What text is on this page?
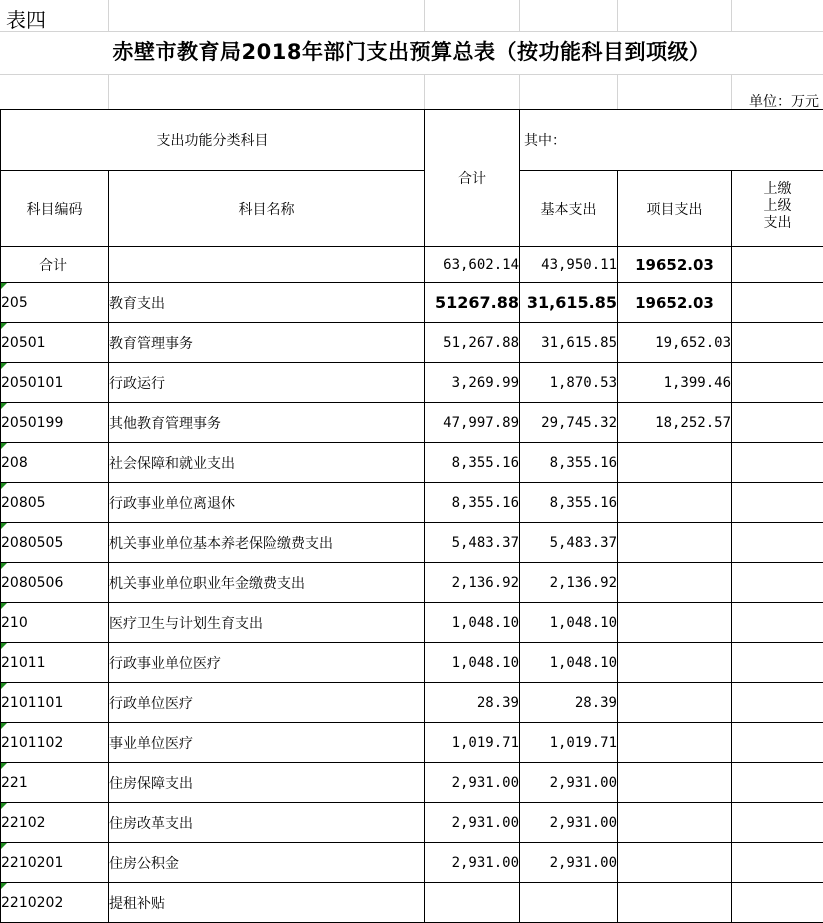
表四
赤壁市教育局2018年部门支出预算总表（按功能科目到项级）
单位：万元
支出功能分类科目		合计	其中：		
科目编码	科目名称		基本支出	项目支出	上缴
上级
支出
合计		63,602.14	43,950.11	19652.03	

205	教育支出	51267.88	31,615.85	19652.03	

20501	教育管理事务	51,267.88	31,615.85	19,652.03	

2050101	行政运行	3,269.99	1,870.53	1,399.46	

2050199	其他教育管理事务	47,997.89	29,745.32	18,252.57	

208	社会保障和就业支出	8,355.16	8,355.16		

20805	行政事业单位离退休	8,355.16	8,355.16		

2080505	机关事业单位基本养老保险缴费支出	5,483.37	5,483.37		

2080506	机关事业单位职业年金缴费支出	2,136.92	2,136.92		

210	医疗卫生与计划生育支出	1,048.10	1,048.10		

21011	行政事业单位医疗	1,048.10	1,048.10		

2101101	行政单位医疗	28.39	28.39		

2101102	事业单位医疗	1,019.71	1,019.71		

221	住房保障支出	2,931.00	2,931.00		

22102	住房改革支出	2,931.00	2,931.00		

2210201	住房公积金	2,931.00	2,931.00		

2210202	提租补贴				
